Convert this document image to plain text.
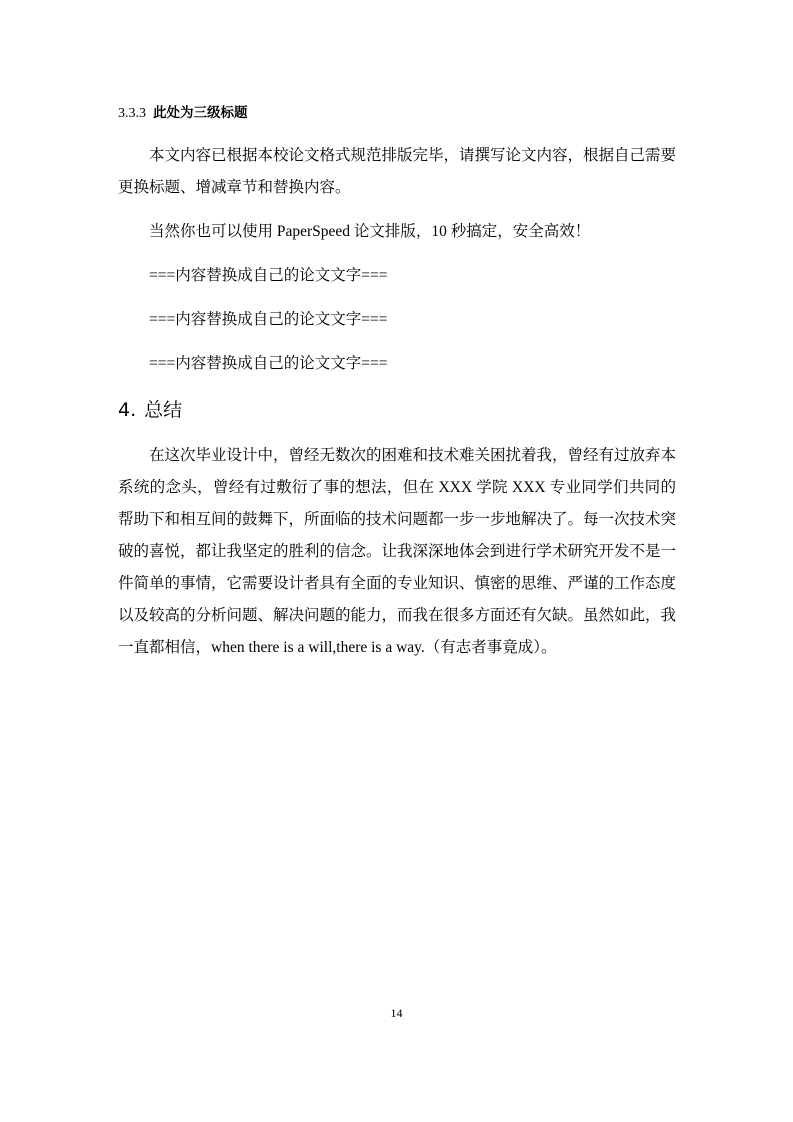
3.3.3 此处为三级标题

本文内容已根据本校论文格式规范排版完毕，请撰写论文内容，根据自己需要更换标题、增减章节和替换内容。

当然你也可以使用 PaperSpeed 论文排版，10 秒搞定，安全高效！

===内容替换成自己的论文文字===

===内容替换成自己的论文文字===

===内容替换成自己的论文文字===

4. 总结

在这次毕业设计中，曾经无数次的困难和技术难关困扰着我，曾经有过放弃本系统的念头，曾经有过敷衍了事的想法，但在 XXX 学院 XXX 专业同学们共同的帮助下和相互间的鼓舞下，所面临的技术问题都一步一步地解决了。每一次技术突破的喜悦，都让我坚定的胜利的信念。让我深深地体会到进行学术研究开发不是一件简单的事情，它需要设计者具有全面的专业知识、慎密的思维、严谨的工作态度以及较高的分析问题、解决问题的能力，而我在很多方面还有欠缺。虽然如此，我一直都相信，when there is a will,there is a way.（有志者事竟成）。

14
